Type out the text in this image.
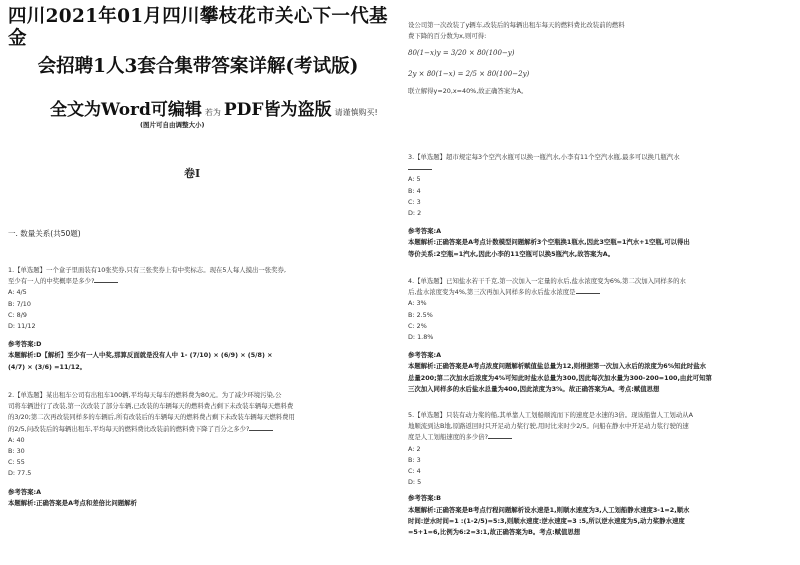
四川2021年01月四川攀枝花市关心下一代基金
会招聘1人3套合集带答案详解(考试版)
全文为Word可编辑 若为 PDF皆为盗版 请谨慎购买!
(图片可自由调整大小)
卷I
一. 数量关系(共50题)

1.【单选题】一个盒子里面装有10张奖券,只有三张奖券上有中奖标志。现在5人每人摸出一张奖券,

至少有一人的中奖概率是多少?

A: 4/5

B: 7/10

C: 8/9

D: 11/12

参考答案:D

本题解析:D【解析】至少有一人中奖,那算反面就是没有人中 1- (7/10) × (6/9) × (5/8) ×

(4/7) × (3/6) =11/12。

2.【单选题】某出租车公司有出租车100辆,平均每天每车的燃料费为80元。为了减少环境污染,公

司将车辆进行了改装,第一次改装了部分车辆,已改装的车辆每天的燃料费占剩下未改装车辆每天燃料费

的3/20;第二次再改装同样多的车辆后,所有改装后的车辆每天的燃料费占剩下未改装车辆每天燃料费用

的2/5,问改装后的每辆出租车,平均每天的燃料费比改装前的燃料费下降了百分之多少?

A: 40

B: 30

C: 55

D: 77.5

参考答案:A

本题解析:正确答案是A考点和差倍比问题解析

设公司第一次改装了y辆车,改装后的每辆出租车每天的燃料费比改装前的燃料

费下降的百分数为x,则可得:

80(1−x)y = 3/20 × 80(100−y)

2y × 80(1−x) = 2/5 × 80(100−2y)

联立解得y=20,x=40%,故正确答案为A。

3.【单选题】超市规定每3个空汽水瓶可以换一瓶汽水,小李有11个空汽水瓶,最多可以换几瓶汽水

A: 5

B: 4

C: 3

D: 2

参考答案:A

本题解析:正确答案是A考点计数模型问题解析3个空瓶换1瓶水,因此3空瓶=1汽水+1空瓶,可以得出

等价关系:2空瓶=1汽水,因此小李的11空瓶可以换5瓶汽水,故答案为A。

4.【单选题】已知盐水若干千克,第一次加入一定量的水后,盐水浓度变为6%,第二次加入同样多的水

后,盐水浓度变为4%,第三次再加入同样多的水后盐水浓度是

A: 3%

B: 2.5%

C: 2%

D: 1.8%

参考答案:A

本题解析:正确答案是A考点浓度问题解析赋值盐总量为12,则根据第一次加入水后的浓度为6%知此时盐水

总量200;第二次加水后浓度为4%可知此时盐水总量为300,因此每次加水量为300-200=100,由此可知第

三次加入同样多的水后盐水总量为400,因此浓度为3%。故正确答案为A。考点:赋值思想

5.【单选题】只装有动力桨的船,其单靠人工划船顺流而下的速度是水速的3倍。现该船靠人工划动从A

地顺流到达B地,原路返回时只开足动力桨行驶,用时比来时少2/5。问船在静水中开足动力浆行驶的速

度是人工划船速度的多少倍?

A: 2

B: 3

C: 4

D: 5

参考答案:B

本题解析:正确答案是B考点行程问题解析设水速是1,则顺水速度为3,人工划船静水速度3-1=2,顺水

时间:逆水时间=1 :(1-2/5)=5:3,则顺水速度:逆水速度=3 :5,所以逆水速度为5,动力桨静水速度

=5+1=6,比例为6:2=3:1,故正确答案为B。考点:赋值思想
